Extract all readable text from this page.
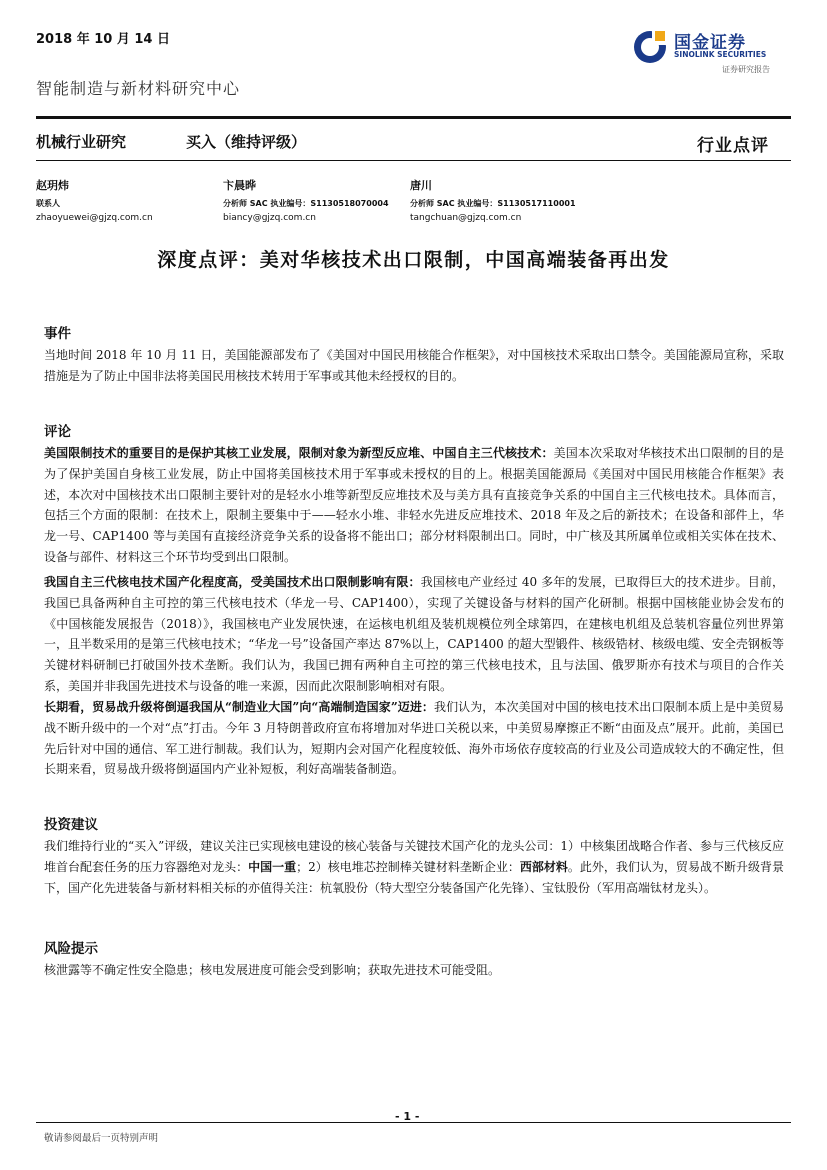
2018 年 10 月 14 日	国金证券
SINOLINK SECURITIES
证券研究报告
智能制造与新材料研究中心
机械行业研究	买入（维持评级）	行业点评
赵玥炜
联系人
zhaoyuewei@gjzq.com.cn
卞晨晔
分析师 SAC 执业编号：S1130518070004
biancy@gjzq.com.cn
唐川
分析师 SAC 执业编号：S1130517110001
tangchuan@gjzq.com.cn
深度点评：美对华核技术出口限制，中国高端装备再出发
事件
当地时间 2018 年 10 月 11 日，美国能源部发布了《美国对中国民用核能合作框架》，对中国核技术采取出口禁令。美国能源局宣称，采取措施是为了防止中国非法将美国民用核技术转用于军事或其他未经授权的目的。
评论
美国限制技术的重要目的是保护其核工业发展，限制对象为新型反应堆、中国自主三代核技术：美国本次采取对华核技术出口限制的目的是为了保护美国自身核工业发展，防止中国将美国核技术用于军事或未授权的目的上。根据美国能源局《美国对中国民用核能合作框架》表述，本次对中国核技术出口限制主要针对的是轻水小堆等新型反应堆技术及与美方具有直接竞争关系的中国自主三代核电技术。具体而言，包括三个方面的限制：在技术上，限制主要集中于——轻水小堆、非轻水先进反应堆技术、2018 年及之后的新技术；在设备和部件上，华龙一号、CAP1400 等与美国有直接经济竞争关系的设备将不能出口；部分材料限制出口。同时，中广核及其所属单位或相关实体在技术、设备与部件、材料这三个环节均受到出口限制。
我国自主三代核电技术国产化程度高，受美国技术出口限制影响有限：我国核电产业经过 40 多年的发展，已取得巨大的技术进步。目前，我国已具备两种自主可控的第三代核电技术（华龙一号、CAP1400），实现了关键设备与材料的国产化研制。根据中国核能业协会发布的《中国核能发展报告（2018）》，我国核电产业发展快速，在运核电机组及装机规模位列全球第四，在建核电机组及总装机容量位列世界第一，且半数采用的是第三代核电技术；“华龙一号”设备国产率达 87%以上，CAP1400 的超大型锻件、核级锆材、核级电缆、安全壳钢板等关键材料研制已打破国外技术垄断。我们认为，我国已拥有两种自主可控的第三代核电技术，且与法国、俄罗斯亦有技术与项目的合作关系，美国并非我国先进技术与设备的唯一来源，因而此次限制影响相对有限。
长期看，贸易战升级将倒逼我国从“制造业大国”向“高端制造国家”迈进：我们认为，本次美国对中国的核电技术出口限制本质上是中美贸易战不断升级中的一个对“点”打击。今年 3 月特朗普政府宣布将增加对华进口关税以来，中美贸易摩擦正不断“由面及点”展开。此前，美国已先后针对中国的通信、军工进行制裁。我们认为，短期内会对国产化程度较低、海外市场依存度较高的行业及公司造成较大的不确定性，但长期来看，贸易战升级将倒逼国内产业补短板，利好高端装备制造。
投资建议
我们维持行业的“买入”评级，建议关注已实现核电建设的核心装备与关键技术国产化的龙头公司：1）中核集团战略合作者、参与三代核反应堆首台配套任务的压力容器绝对龙头：中国一重；2）核电堆芯控制棒关键材料垄断企业：西部材料。此外，我们认为，贸易战不断升级背景下，国产化先进装备与新材料相关标的亦值得关注：杭氧股份（特大型空分装备国产化先锋）、宝钛股份（军用高端钛材龙头）。
风险提示
核泄露等不确定性安全隐患；核电发展进度可能会受到影响；获取先进技术可能受阻。
- 1 -
敬请参阅最后一页特别声明
